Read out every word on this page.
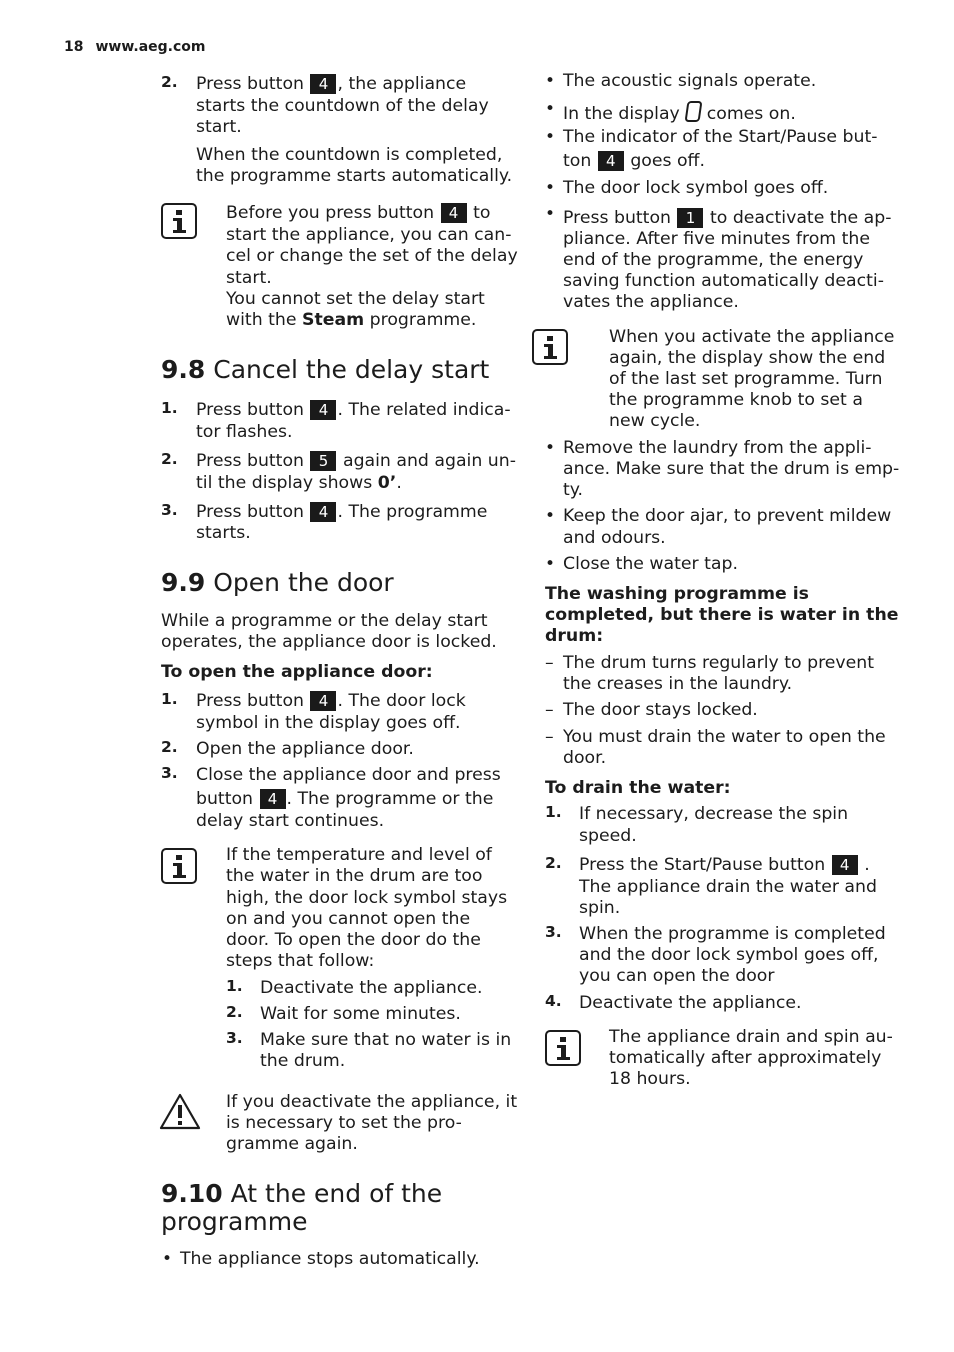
18 www.aeg.com
2. Press button 4 , the appliance
starts the countdown of the delay
start.
When the countdown is completed,
the programme starts automatically.
Before you press button 4 to
start the appliance, you can can-
cel or change the set of the delay
start.
You cannot set the delay start
with the Steam programme.
9.8 Cancel the delay start
1. Press button 4 . The related indica-
tor flashes.
2. Press button 5 again and again un-
til the display shows 0’.
3. Press button 4 . The programme
starts.
9.9 Open the door
While a programme or the delay start
operates, the appliance door is locked.
To open the appliance door:
1. Press button 4 . The door lock
symbol in the display goes off.
2. Open the appliance door.
3. Close the appliance door and press
button 4 . The programme or the
delay start continues.
If the temperature and level of
the water in the drum are too
high, the door lock symbol stays
on and you cannot open the
door. To open the door do the
steps that follow:
1. Deactivate the appliance.
2. Wait for some minutes.
3. Make sure that no water is in
the drum.
If you deactivate the appliance, it
is necessary to set the pro-
gramme again.
9.10 At the end of the
programme
• The appliance stops automatically.
• The acoustic signals operate.
• In the display comes on.
• The indicator of the Start/Pause but-
ton 4 goes off.
• The door lock symbol goes off.
• Press button 1 to deactivate the ap-
pliance. After five minutes from the
end of the programme, the energy
saving function automatically deacti-
vates the appliance.
When you activate the appliance
again, the display show the end
of the last set programme. Turn
the programme knob to set a
new cycle.
• Remove the laundry from the appli-
ance. Make sure that the drum is emp-
ty.
• Keep the door ajar, to prevent mildew
and odours.
• Close the water tap.
The washing programme is
completed, but there is water in the
drum:
– The drum turns regularly to prevent
the creases in the laundry.
– The door stays locked.
– You must drain the water to open the
door.
To drain the water:
1. If necessary, decrease the spin
speed.
2. Press the Start/Pause button 4 .
The appliance drain the water and
spin.
3. When the programme is completed
and the door lock symbol goes off,
you can open the door
4. Deactivate the appliance.
The appliance drain and spin au-
tomatically after approximately
18 hours.
